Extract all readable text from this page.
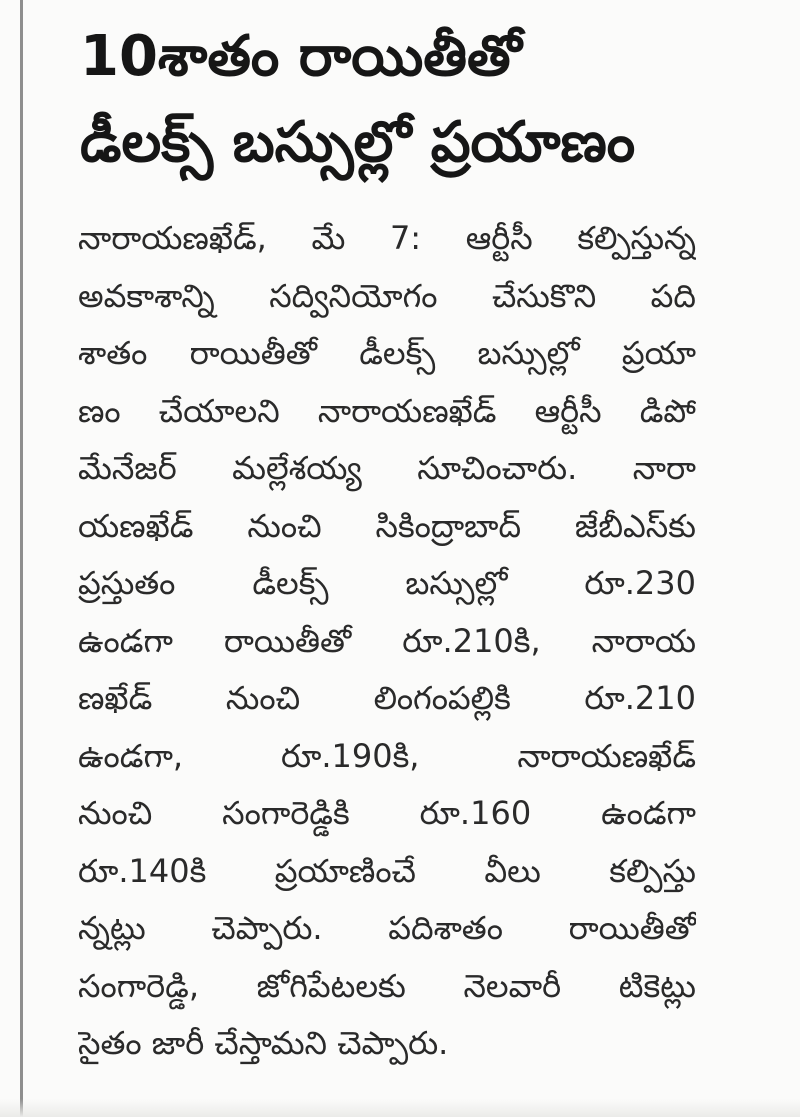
10శాతం రాయితీతో
డీలక్స్ బస్సుల్లో ప్రయాణం
నారాయణఖేడ్, మే 7: ఆర్టీసీ కల్పిస్తున్న
అవకాశాన్ని సద్వినియోగం చేసుకొని పది
శాతం రాయితీతో డీలక్స్ బస్సుల్లో ప్రయా
ణం చేయాలని నారాయణఖేడ్ ఆర్టీసీ డిపో
మేనేజర్ మల్లేశయ్య సూచించారు. నారా
యణఖేడ్ నుంచి సికింద్రాబాద్ జేబీఎస్‌కు
ప్రస్తుతం డీలక్స్ బస్సుల్లో రూ.230
ఉండగా రాయితీతో రూ.210కి, నారాయ
ణఖేడ్ నుంచి లింగంపల్లికి రూ.210
ఉండగా, రూ.190కి, నారాయణఖేడ్
నుంచి సంగారెడ్డికి రూ.160 ఉండగా
రూ.140కి ప్రయాణించే వీలు కల్పిస్తు
న్నట్లు చెప్పారు. పదిశాతం రాయితీతో
సంగారెడ్డి, జోగిపేటలకు నెలవారీ టికెట్లు
సైతం జారీ చేస్తామని చెప్పారు.
